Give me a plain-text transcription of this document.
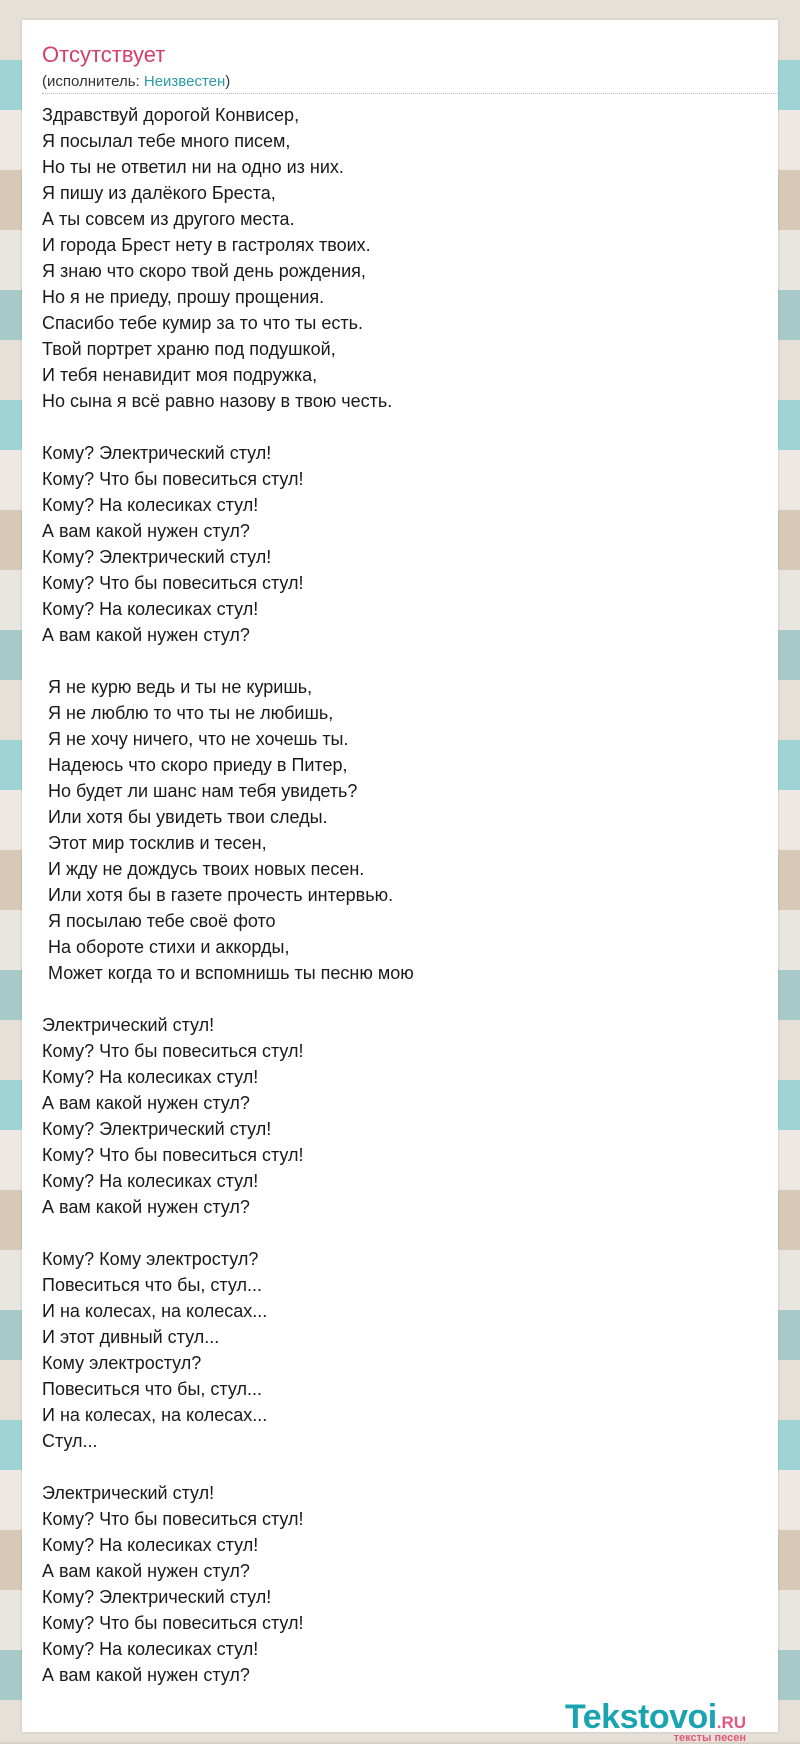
Отсутствует
(исполнитель: Неизвестен)
Здравствуй дорогой Конвисер,
Я посылал тебе много писем,
Но ты не ответил ни на одно из них.
Я пишу из далёкого Бреста,
А ты совсем из другого места.
И города Брест нету в гастролях твоих.
Я знаю что скоро твой день рождения,
Но я не приеду, прошу прощения.
Спасибо тебе кумир за то что ты есть.
Твой портрет храню под подушкой,
И тебя ненавидит моя подружка,
Но сына я всё равно назову в твою честь.
Кому? Электрический стул!
Кому? Что бы повеситься стул!
Кому? На колесиках стул!
А вам какой нужен стул?
Кому? Электрический стул!
Кому? Что бы повеситься стул!
Кому? На колесиках стул!
А вам какой нужен стул?
Я не курю ведь и ты не куришь,
Я не люблю то что ты не любишь,
Я не хочу ничего, что не хочешь ты.
Надеюсь что скоро приеду в Питер,
Но будет ли шанс нам тебя увидеть?
Или хотя бы увидеть твои следы.
Этот мир тосклив и тесен,
И жду не дождусь твоих новых песен.
Или хотя бы в газете прочесть интервью.
Я посылаю тебе своё фото
На обороте стихи и аккорды,
Может когда то и вспомнишь ты песню мою
Электрический стул!
Кому? Что бы повеситься стул!
Кому? На колесиках стул!
А вам какой нужен стул?
Кому? Электрический стул!
Кому? Что бы повеситься стул!
Кому? На колесиках стул!
А вам какой нужен стул?
Кому? Кому электростул?
Повеситься что бы, стул...
И на колесах, на колесах...
И этот дивный стул...
Кому электростул?
Повеситься что бы, стул...
И на колесах, на колесах...
Стул...
Электрический стул!
Кому? Что бы повеситься стул!
Кому? На колесиках стул!
А вам какой нужен стул?
Кому? Электрический стул!
Кому? Что бы повеситься стул!
Кому? На колесиках стул!
А вам какой нужен стул?
Tekstovoi.RU
тексты песен
